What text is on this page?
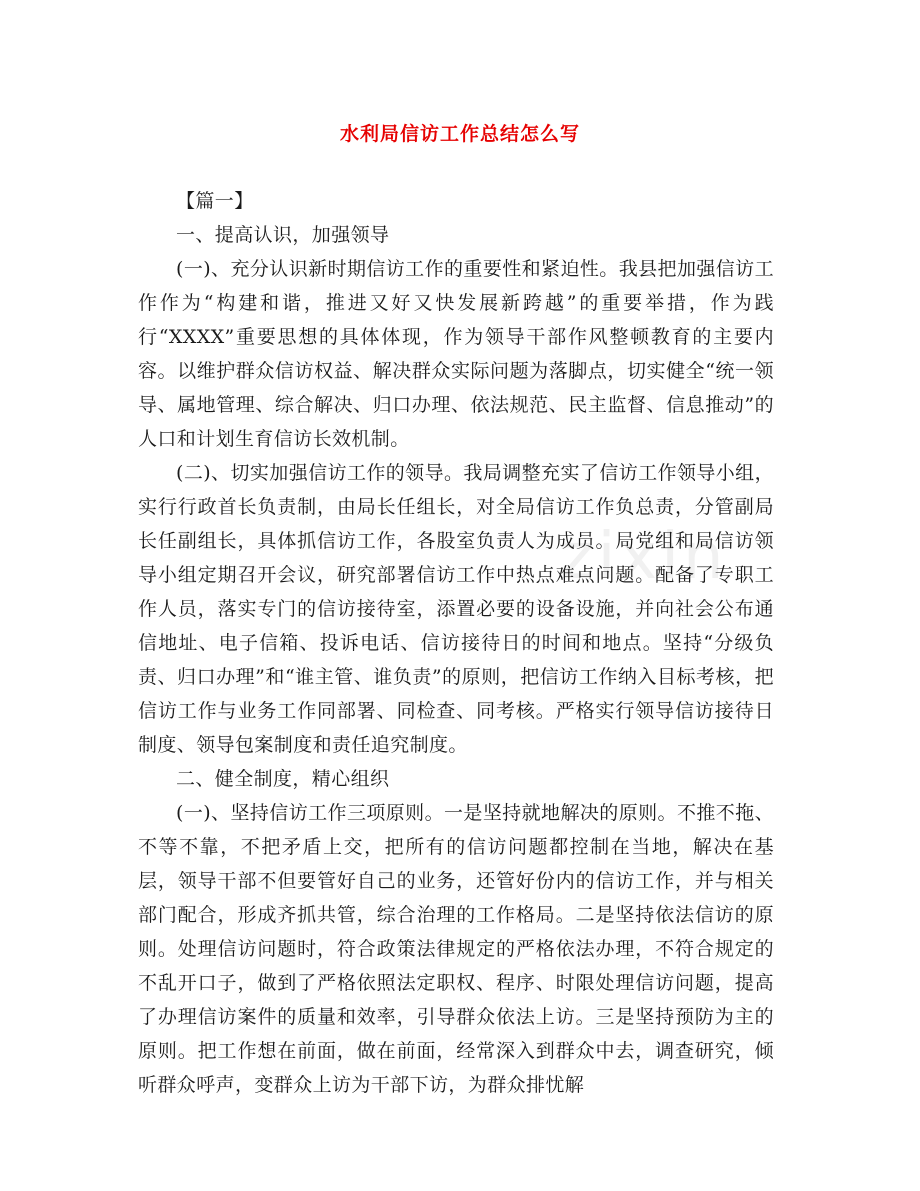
zixin
水利局信访工作总结怎么写

【篇一】

一、提高认识，加强领导

(一)、充分认识新时期信访工作的重要性和紧迫性。我县把加强信访工作作为“构建和谐，推进又好又快发展新跨越”的重要举措，作为践行“XXXX”重要思想的具体体现，作为领导干部作风整顿教育的主要内容。以维护群众信访权益、解决群众实际问题为落脚点，切实健全“统一领导、属地管理、综合解决、归口办理、依法规范、民主监督、信息推动”的人口和计划生育信访长效机制。

(二)、切实加强信访工作的领导。我局调整充实了信访工作领导小组，实行行政首长负责制，由局长任组长，对全局信访工作负总责，分管副局长任副组长，具体抓信访工作，各股室负责人为成员。局党组和局信访领导小组定期召开会议，研究部署信访工作中热点难点问题。配备了专职工作人员，落实专门的信访接待室，添置必要的设备设施，并向社会公布通信地址、电子信箱、投诉电话、信访接待日的时间和地点。坚持“分级负责、归口办理”和“谁主管、谁负责”的原则，把信访工作纳入目标考核，把信访工作与业务工作同部署、同检查、同考核。严格实行领导信访接待日制度、领导包案制度和责任追究制度。

二、健全制度，精心组织

(一)、坚持信访工作三项原则。一是坚持就地解决的原则。不推不拖、不等不靠，不把矛盾上交，把所有的信访问题都控制在当地，解决在基层，领导干部不但要管好自己的业务，还管好份内的信访工作，并与相关部门配合，形成齐抓共管，综合治理的工作格局。二是坚持依法信访的原则。处理信访问题时，符合政策法律规定的严格依法办理，不符合规定的不乱开口子，做到了严格依照法定职权、程序、时限处理信访问题，提高了办理信访案件的质量和效率，引导群众依法上访。三是坚持预防为主的原则。把工作想在前面，做在前面，经常深入到群众中去，调查研究，倾听群众呼声，变群众上访为干部下访，为群众排忧解
